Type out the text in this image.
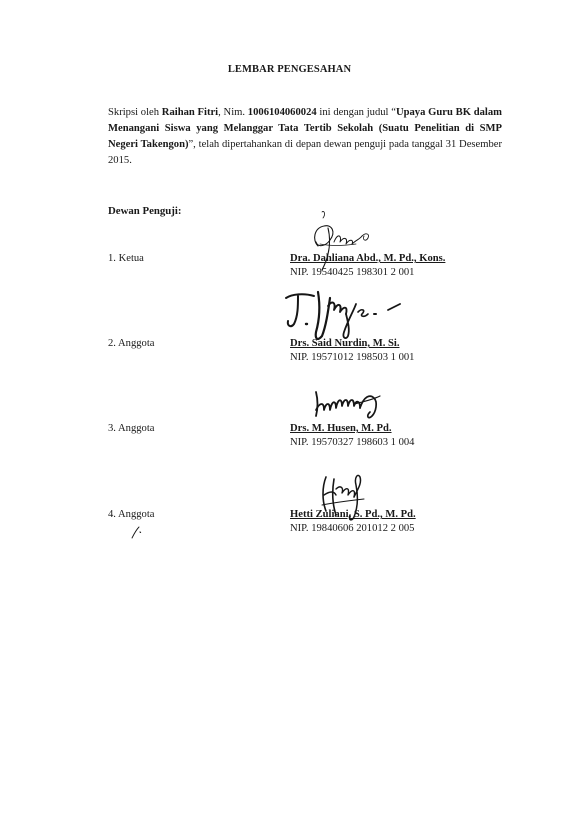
LEMBAR PENGESAHAN
Skripsi oleh Raihan Fitri, Nim. 1006104060024 ini dengan judul “Upaya Guru BK dalam Menangani Siswa yang Melanggar Tata Tertib Sekolah (Suatu Penelitian di SMP Negeri Takengon)”, telah dipertahankan di depan dewan penguji pada tanggal 31 Desember 2015.
Dewan Penguji:
1. Ketua	Dra. Dahliana Abd., M. Pd., Kons.
NIP. 19540425 198301 2 001
2. Anggota	Drs. Said Nurdin, M. Si.
NIP. 19571012 198503 1 001
3. Anggota	Drs. M. Husen, M. Pd.
NIP. 19570327 198603 1 004
4. Anggota	Hetti Zuliani, S. Pd., M. Pd.
NIP. 19840606 201012 2 005
